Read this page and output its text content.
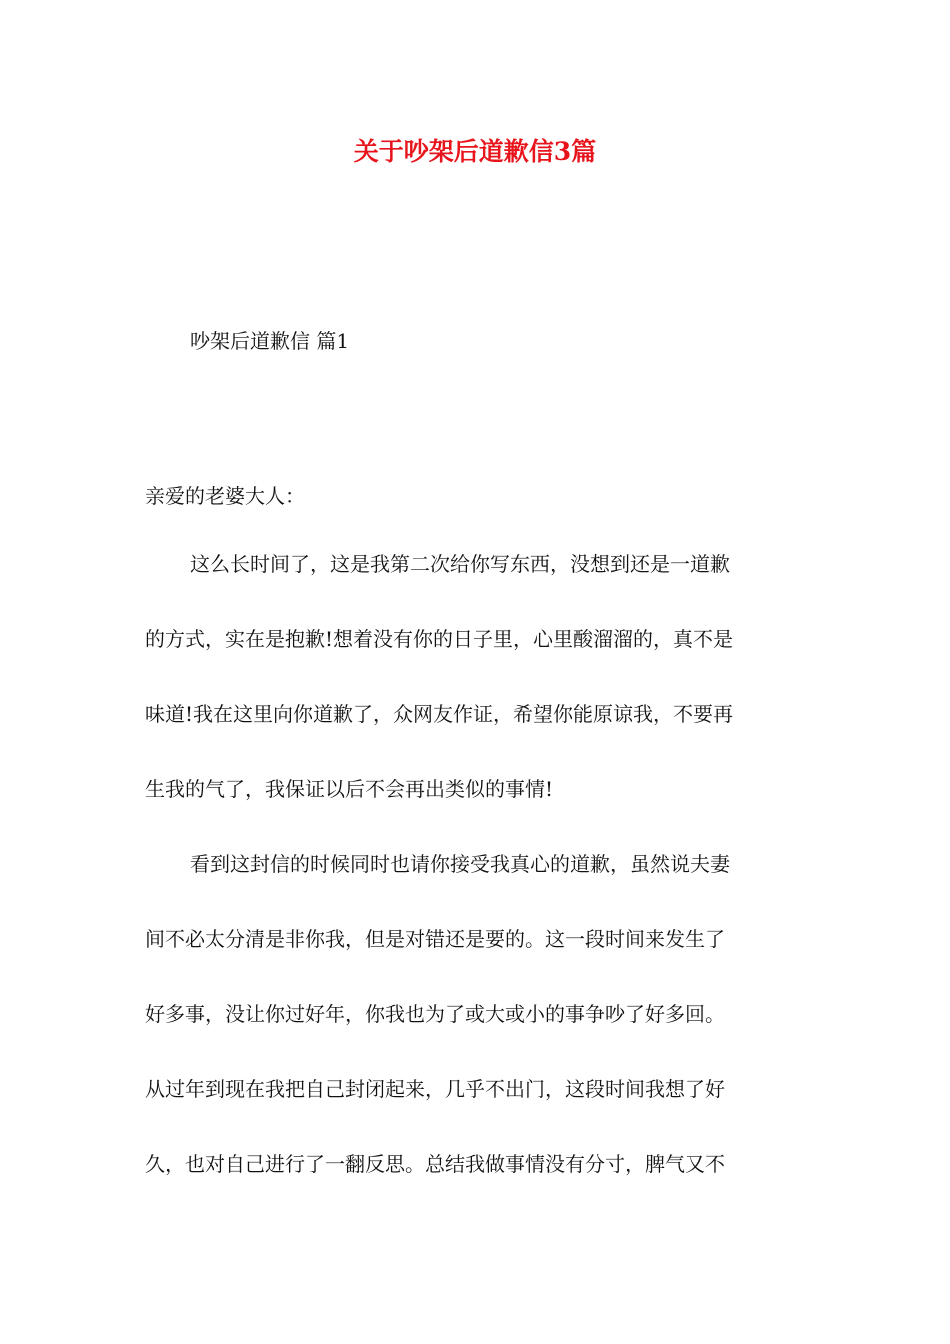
关于吵架后道歉信3篇
吵架后道歉信 篇1
亲爱的老婆大人：
这么长时间了，这是我第二次给你写东西，没想到还是一道歉
的方式，实在是抱歉!想着没有你的日子里，心里酸溜溜的，真不是
味道!我在这里向你道歉了，众网友作证，希望你能原谅我，不要再
生我的气了，我保证以后不会再出类似的事情!
看到这封信的时候同时也请你接受我真心的道歉，虽然说夫妻
间不必太分清是非你我，但是对错还是要的。这一段时间来发生了
好多事，没让你过好年，你我也为了或大或小的事争吵了好多回。
从过年到现在我把自己封闭起来，几乎不出门，这段时间我想了好
久，也对自己进行了一翻反思。总结我做事情没有分寸，脾气又不
